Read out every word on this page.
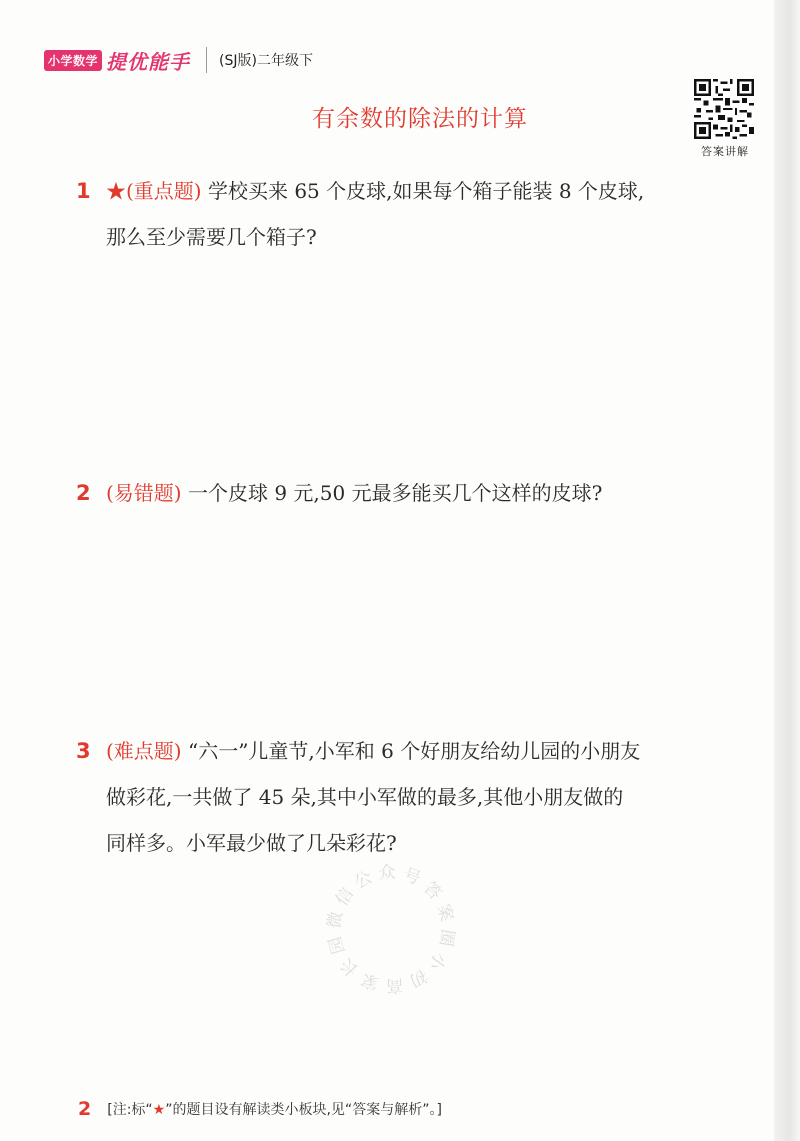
小学数学 提优能手 (SJ版)二年级下
有余数的除法的计算
答案讲解
1 ★(重点题) 学校买来 65 个皮球,如果每个箱子能装 8 个皮球,
那么至少需要几个箱子?
2 (易错题) 一个皮球 9 元,50 元最多能买几个这样的皮球?
3 (难点题) “六一”儿童节,小军和 6 个好朋友给幼儿园的小朋友
做彩花,一共做了 45 朵,其中小军做的最多,其他小朋友做的
同样多。小军最少做了几朵彩花?
微
信
公 众 号
答
案
圈
小
初
高
家
长
园
2 [注:标“★”的题目设有解读类小板块,见“答案与解析”。]
